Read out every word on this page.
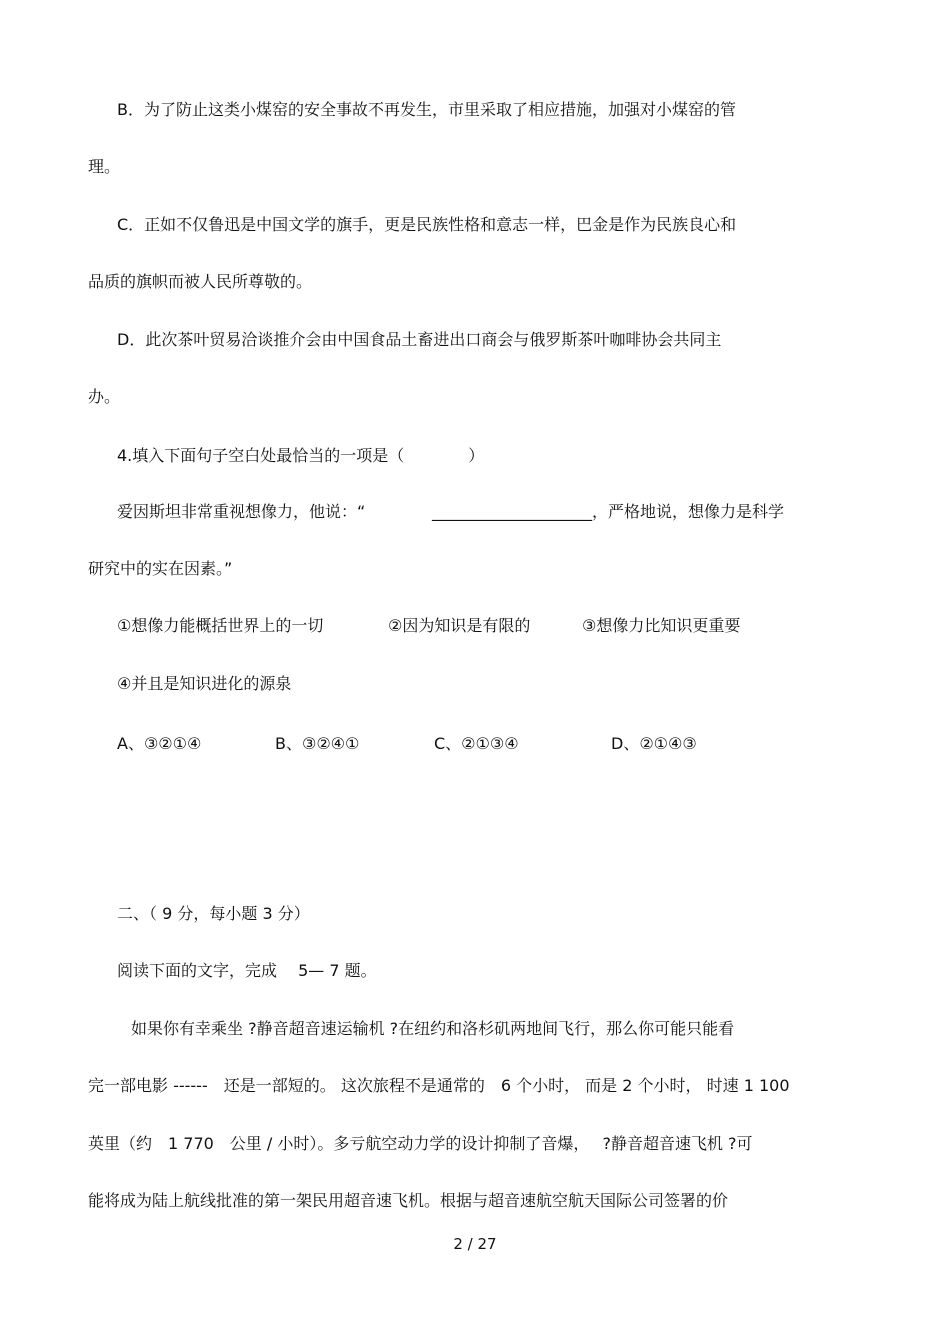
B．为了防止这类小煤窑的安全事故不再发生，市里采取了相应措施，加强对小煤窑的管
理。
C．正如不仅鲁迅是中国文学的旗手，更是民族性格和意志一样，巴金是作为民族良心和
品质的旗帜而被人民所尊敬的。
D．此次茶叶贸易洽谈推介会由中国食品土畜进出口商会与俄罗斯茶叶咖啡协会共同主
办。
4.填入下面句子空白处最恰当的一项是（　　　　）
爱因斯坦非常重视想像力，他说：“	____________________，严格地说，想像力是科学
研究中的实在因素。”
①想像力能概括世界上的一切	②因为知识是有限的	③想像力比知识更重要
④并且是知识进化的源泉
A、③②①④	B、③②④①	C、②①③④	D、②①④③
二、（ 9 分，每小题 3 分）
阅读下面的文字，完成　 5— 7 题。
如果你有幸乘坐 ?静音超音速运输机 ?在纽约和洛杉矶两地间飞行，那么你可能只能看
完一部电影 ------　还是一部短的。 这次旅程不是通常的　6 个小时， 而是 2 个小时， 时速 1 100
英里（约　1 770　公里 / 小时）。多亏航空动力学的设计抑制了音爆，　 ?静音超音速飞机 ?可
能将成为陆上航线批准的第一架民用超音速飞机。根据与超音速航空航天国际公司签署的价
2 / 27
